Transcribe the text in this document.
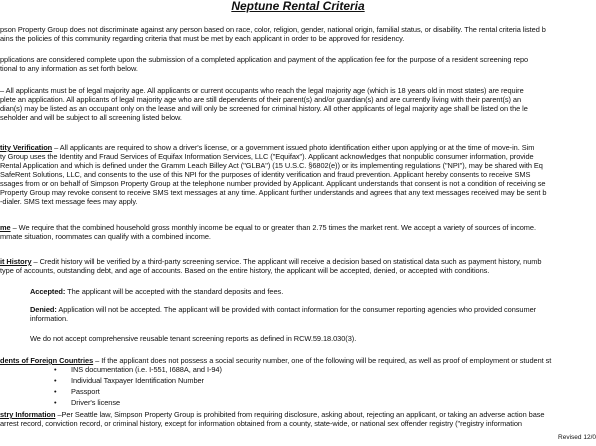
Neptune Rental Criteria
pson Property Group does not discriminate against any person based on race, color, religion, gender, national origin, familial status, or disability. The rental criteria listed b
ains the policies of this community regarding criteria that must be met by each applicant in order to be approved for residency.
pplications are considered complete upon the submission of a completed application and payment of the application fee for the purpose of a resident screening repo
tional to any information as set forth below.
– All applicants must be of legal majority age. All applicants or current occupants who reach the legal majority age (which is 18 years old in most states) are require
plete an application. All applicants of legal majority age who are still dependents of their parent(s) and/or guardian(s) and are currently living with their parent(s) an
dian(s) may be listed as an occupant only on the lease and will only be screened for criminal history. All other applicants of legal majority age shall be listed on the le
seholder and will be subject to all screening listed below.
tity Verification – All applicants are required to show a driver's license, or a government issued photo identification either upon applying or at the time of move-in. Sim
ty Group uses the Identity and Fraud Services of Equifax Information Services, LLC ("Equifax"). Applicant acknowledges that nonpublic consumer information, provide
Rental Application and which is defined under the Gramm Leach Billey Act ("GLBA") (15 U.S.C. §6802(e)) or its implementing regulations ("NPI"), may be shared with Eq
SafeRent Solutions, LLC, and consents to the use of this NPI for the purposes of identity verification and fraud prevention. Applicant hereby consents to receive SMS
ssages from or on behalf of Simpson Property Group at the telephone number provided by Applicant. Applicant understands that consent is not a condition of receiving se
Property Group may revoke consent to receive SMS text messages at any time. Applicant further understands and agrees that any text messages received may be sent b
-dialer. SMS text message fees may apply.
me – We require that the combined household gross monthly income be equal to or greater than 2.75 times the market rent. We accept a variety of sources of income.
mmate situation, roommates can qualify with a combined income.
it History – Credit history will be verified by a third-party screening service. The applicant will receive a decision based on statistical data such as payment history, numb
type of accounts, outstanding debt, and age of accounts. Based on the entire history, the applicant will be accepted, denied, or accepted with conditions.
Accepted: The applicant will be accepted with the standard deposits and fees.
Denied: Application will not be accepted. The applicant will be provided with contact information for the consumer reporting agencies who provided consumer
information.
We do not accept comprehensive reusable tenant screening reports as defined in RCW.59.18.030(3).
dents of Foreign Countries – If the applicant does not possess a social security number, one of the following will be required, as well as proof of employment or student st
• INS documentation (i.e. I-551, I688A, and I-94)
• Individual Taxpayer Identification Number
• Passport
• Driver's license
stry Information –Per Seattle law, Simpson Property Group is prohibited from requiring disclosure, asking about, rejecting an applicant, or taking an adverse action base
arrest record, conviction record, or criminal history, except for information obtained from a county, state-wide, or national sex offender registry ("registry information
Revised 12/0
